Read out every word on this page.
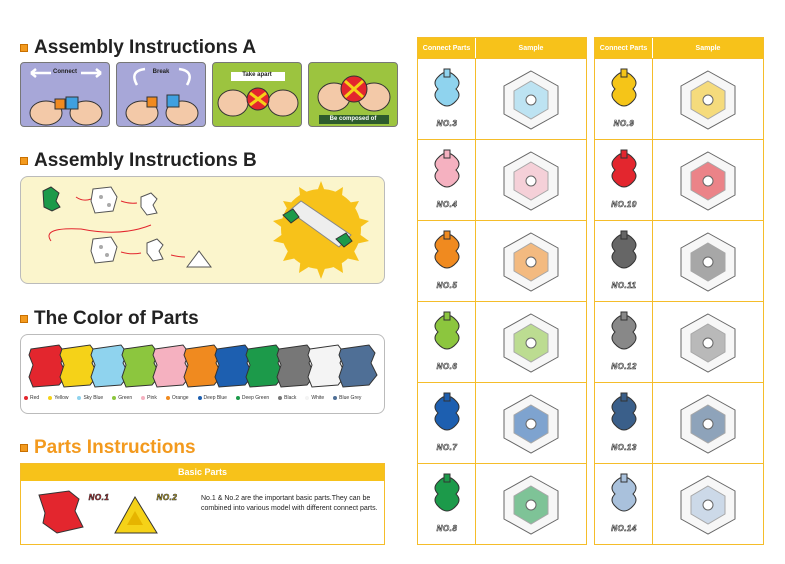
Assembly Instructions A
Connect	Break	Take apart
Be composed of
Assembly Instructions B
The Color of Parts
Red	Yellow	Sky Blue	Green	Pink	Orange	Deep Blue	Deep Green	Black	White	Blue Grey
Parts Instructions
Basic Parts
NO.1	NO.2	No.1 & No.2 are the important basic parts.They can be combined into various model with different connect parts.
Connect Parts	Sample
NO.3
NO.4
NO.5
NO.6
NO.7
NO.8
Connect Parts	Sample
NO.9
NO.10
NO.11
NO.12
NO.13
NO.14
